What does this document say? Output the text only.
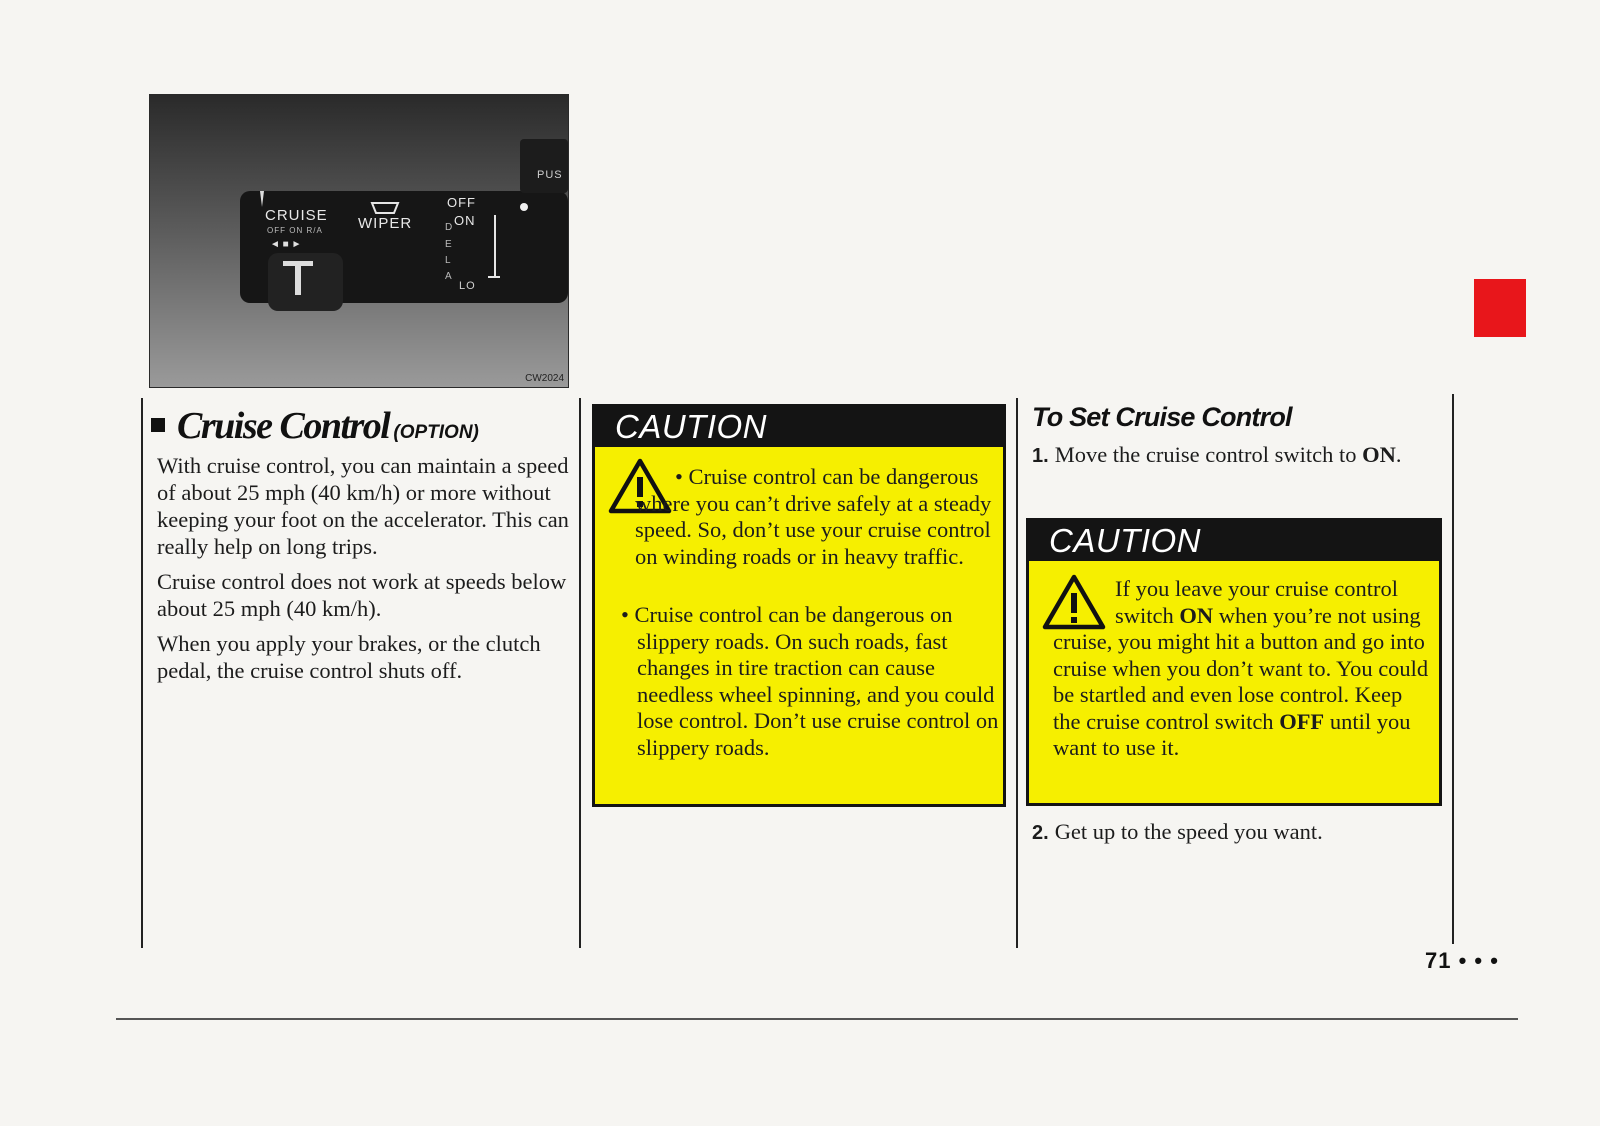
◄ ■ ►
D
E
L
A
CRUISE
OFF ON R/A WIPER
OFF
ON
LO
PUS
CW2024
Cruise Control (OPTION)

With cruise control, you can maintain a speed of about 25 mph (40 km/h) or more without keeping your foot on the accelerator. This can really help on long trips.

Cruise control does not work at speeds below about 25 mph (40 km/h).

When you apply your brakes, or the clutch pedal, the cruise control shuts off.

CAUTION

• Cruise control can be dangerous where you can’t drive safely at a steady speed. So, don’t use your cruise control on winding roads or in heavy traffic.

• Cruise control can be dangerous on slippery roads. On such roads, fast changes in tire traction can cause needless wheel spinning, and you could lose control. Don’t use cruise control on slippery roads.

To Set Cruise Control
1. Move the cruise control switch to ON.
CAUTION

If you leave your cruise control switch ON when you’re not using cruise, you might hit a button and go into cruise when you don’t want to. You could be startled and even lose control. Keep the cruise control switch OFF until you want to use it.

2. Get up to the speed you want.
71 • • •
